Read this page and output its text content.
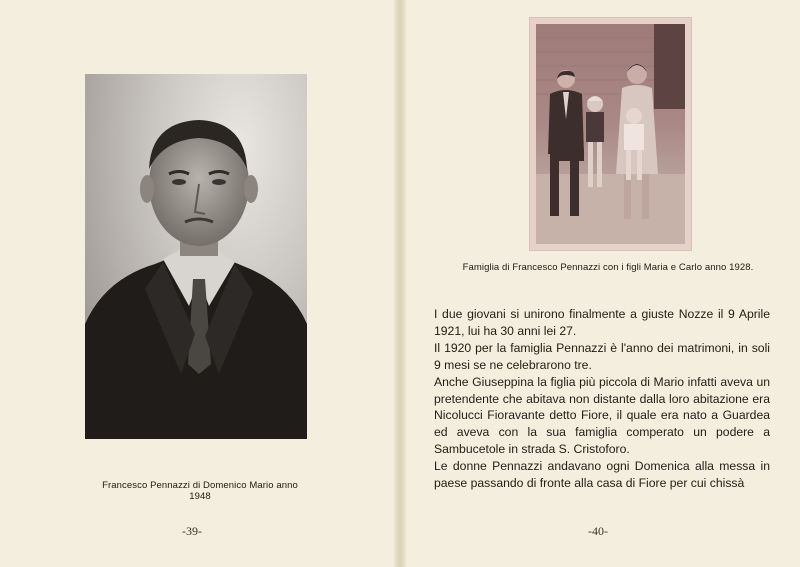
Francesco Pennazzi di Domenico Mario anno 1948
-39-
Famiglia di Francesco Pennazzi con i figli Maria e Carlo anno 1928.

I due giovani si unirono finalmente a giuste Nozze il 9 Aprile 1921, lui ha 30 anni lei 27.

Il 1920 per la famiglia Pennazzi è l'anno dei matrimoni, in soli 9 mesi se ne celebrarono tre.

Anche Giuseppina la figlia più piccola di Mario infatti aveva un pretendente che abitava non distante dalla loro abitazione era Nicolucci Fioravante detto Fiore, il quale era nato a Guardea ed aveva con la sua famiglia comperato un podere a Sambucetole in strada S. Cristoforo.

Le donne Pennazzi andavano ogni Domenica alla messa in paese passando di fronte alla casa di Fiore per cui chissà

-40-
